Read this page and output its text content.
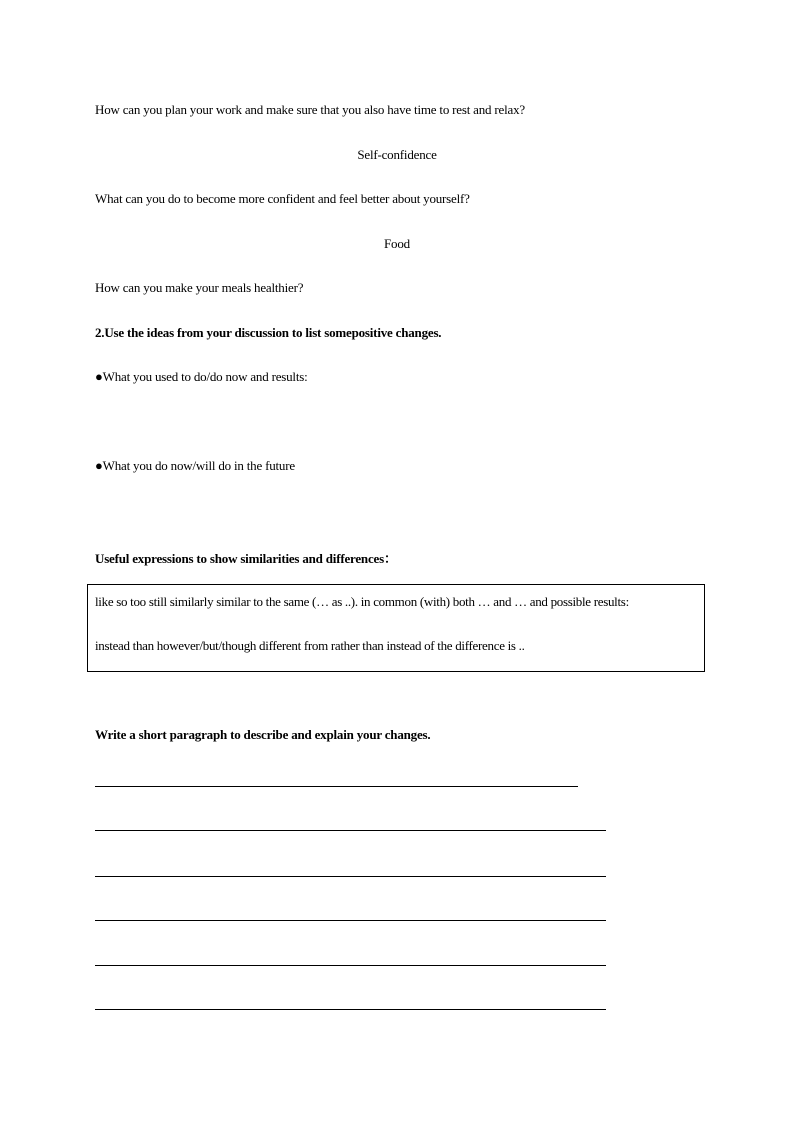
How can you plan your work and make sure that you also have time to rest and relax?
Self-confidence
What can you do to become more confident and feel better about yourself?
Food
How can you make your meals healthier?
2.Use the ideas from your discussion to list somepositive changes.
●What you used to do/do now and results:
●What you do now/will do in the future
Useful expressions to show similarities and differences：
like so too still similarly similar to the same (… as ..). in common (with) both … and … and possible results:
instead than however/but/though different from rather than instead of the difference is ..
Write a short paragraph to describe and explain your changes.
